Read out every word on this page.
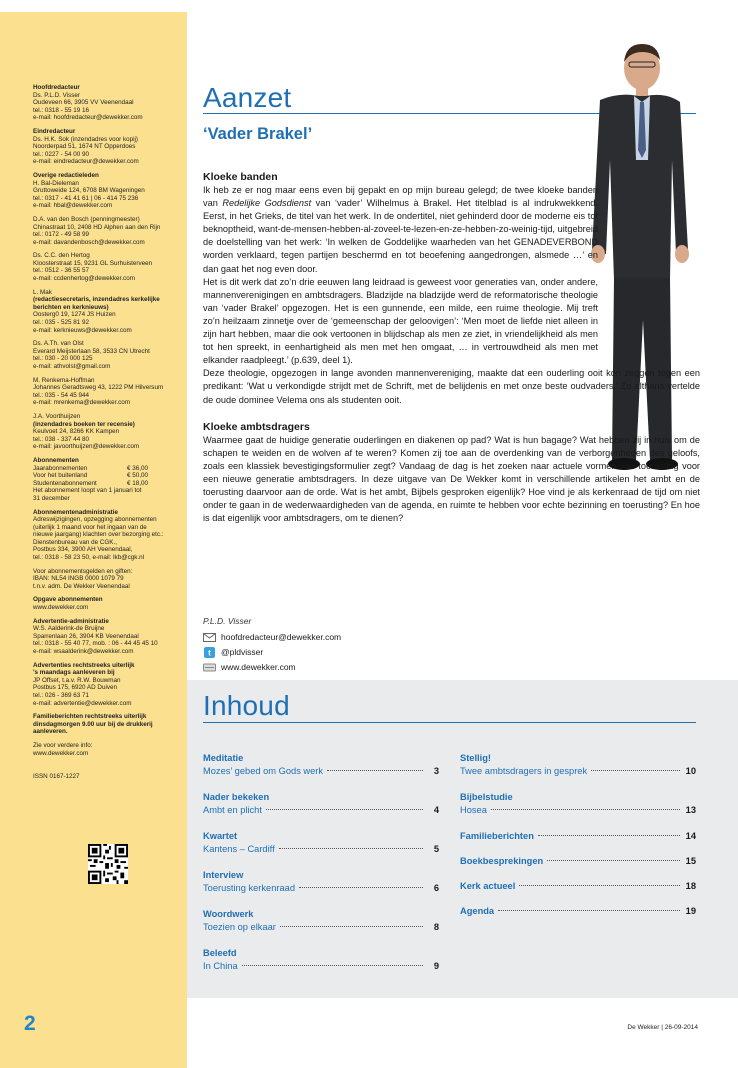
Hoofdredacteur
Ds. P.L.D. Visser
Oudeveen 66, 3905 VV Veenendaal
tel.: 0318 - 55 19 16
e-mail: hoofdredacteur@dewekker.com
Eindredacteur
Ds. H.K. Sok (inzendadres voor kopij)
Noorderpad 51, 1674 NT Opperdoes
tel.: 0227 - 54 00 90
e-mail: eindredacteur@dewekker.com
Overige redactieleden
H. Bal-Dieleman
Gruttoweide 124, 6708 BM Wageningen
tel.: 0317 - 41 41 61 | 06 - 414 75 236
e-mail: hbal@dewekker.com
D.A. van den Bosch (penningmeester)
Chinastraat 10, 2408 HD Alphen aan den Rijn
tel.: 0172 - 49 58 99
e-mail: davandenbosch@dewekker.com
Ds. C.C. den Hertog
Kloosterstraat 15, 9231 GL Surhuisterveen
tel.: 0512 - 36 55 57
e-mail: ccdenhertog@dewekker.com
L. Mak
(redactiesecretaris, inzendadres kerkelijke
berichten en kerknieuws)
Oosterg0 19, 1274 JS Huizen
tel.: 035 - 525 81 92
e-mail: kerknieuws@dewekker.com
Ds. A.Th. van Olst
Everard Meijsterlaan 58, 3533 CN Utrecht
tel.: 030 - 20 000 125
e-mail: athvolst@gmail.com
M. Renkema-Hoffman
Johannes Geradtsweg 43, 1222 PM Hilversum
tel.: 035 - 54 45 944
e-mail: mrenkema@dewekker.com
J.A. Voorthuijzen
(inzendadres boeken ter recensie)
Keulvoet 24, 8266 KK Kampen
tel.: 038 - 337 44 80
e-mail: javoorthuijzen@dewekker.com
Abonnementen
Jaarabonnementen	€ 36,00
Voor het buitenland	€ 50,00
Studentenabonnement	€ 18,00
Het abonnement loopt van 1 januari tot
31 december
Abonnementenadministratie
Adreswijzigingen, opzegging abonnementen
(uiterlijk 1 maand voor het ingaan van de
nieuwe jaargang) klachten over bezorging etc.:
Dienstenbureau van de CGK.,
Postbus 334, 3900 AH Veenendaal,
tel.: 0318 - 58 23 50, e-mail: lkb@cgk.nl
Voor abonnementsgelden en giften:
IBAN: NL54 INGB 0000 1079 79
t.n.v. adm. De Wekker Veenendaal
Opgave abonnementen
www.dewekker.com
Advertentie-administratie
W.S. Aalderink-de Bruijne
Sparrenlaan 26, 3904 KB Veenendaal
tel.: 0318 - 55 40 77, mob. : 06 - 44 45 45 10
e-mail: wsaalderink@dewekker.com
Advertenties rechtstreeks uiterlijk
's maandags aanleveren bij
JP Offset, t.a.v. R.W. Bouwman
Postbus 175, 6920 AD Duiven
tel.: 026 - 369 63 71
e-mail: advertentie@dewekker.com
Familieberichten rechtstreeks uiterlijk
dinsdagmorgen 9.00 uur bij de drukkerij
aanleveren.
Zie voor verdere info:
www.dewekker.com
ISSN 0167-1227
2
Aanzet
‘Vader Brakel’
Kloeke banden
Ik heb ze er nog maar eens even bij gepakt en op mijn bureau gelegd; de twee kloeke banden van Redelijke Godsdienst van ‘vader’ Wilhelmus à Brakel. Het titelblad is al indrukwekkend. Eerst, in het Grieks, de titel van het werk. In de ondertitel, niet gehinderd door de moderne eis tot beknoptheid, want-de-mensen-hebben-al-zoveel-te-lezen-en-ze-hebben-zo-weinig-tijd, uitgebreid de doelstelling van het werk: ‘In welken de Goddelijke waarheden van het GENADEVERBOND worden verklaard, tegen partijen beschermd en tot beoefening aangedrongen, alsmede …’ en dan gaat het nog even door.
Het is dit werk dat zo’n drie eeuwen lang leidraad is geweest voor generaties van, onder andere, mannenverenigingen en ambtsdragers. Bladzijde na bladzijde werd de reformatorische theologie van ‘vader Brakel’ opgezogen. Het is een gunnende, een milde, een ruime theologie. Mij treft zo’n heilzaam zinnetje over de ‘gemeenschap der geloovigen’: ‘Men moet de liefde niet alleen in zijn hart hebben, maar die ook vertoonen in blijdschap als men ze ziet, in vriendelijkheid als men tot hen spreekt, in eenhartigheid als men met hen omgaat, … in vertrouwdheid als men met elkander raadpleegt.’ (p.639, deel 1).
Deze theologie, opgezogen in lange avonden mannenvereniging, maakte dat een ouderling ooit kon zeggen tegen een predikant: ‘Wat u verkondigde strijdt met de Schrift, met de belijdenis en met onze beste oudvaders.’ Zo althans vertelde de oude dominee Velema ons als studenten ooit.
Kloeke ambtsdragers
Waarmee gaat de huidige generatie ouderlingen en diakenen op pad? Wat is hun bagage? Wat hebben zij in huis om de schapen te weiden en de wolven af te weren? Komen zij toe aan de overdenking van de verborgenheden des geloofs, zoals een klassiek bevestigingsformulier zegt? Vandaag de dag is het zoeken naar actuele vormen van toerusting voor een nieuwe generatie ambtsdragers. In deze uitgave van De Wekker komt in verschillende artikelen het ambt en de toerusting daarvoor aan de orde. Wat is het ambt, Bijbels gesproken eigenlijk? Hoe vind je als kerkenraad de tijd om niet onder te gaan in de wederwaardigheden van de agenda, en ruimte te hebben voor echte bezinning en toerusting? En hoe is dat eigenlijk voor ambtsdragers, om te dienen?
P.L.D. Visser
hoofdredacteur@dewekker.com
t @pldvisser
www.dewekker.com
Inhoud
Meditatie
Mozes’ gebed om Gods werk	3
Nader bekeken
Ambt en plicht	4
Kwartet
Kantens – Cardiff	5
Interview
Toerusting kerkenraad	6
Woordwerk
Toezien op elkaar	8
Beleefd
In China	9
Stellig!
Twee ambtsdragers in gesprek	10
Bijbelstudie
Hosea	13
Familieberichten	14
Boekbesprekingen	15
Kerk actueel	18
Agenda	19
De Wekker | 26-09-2014
